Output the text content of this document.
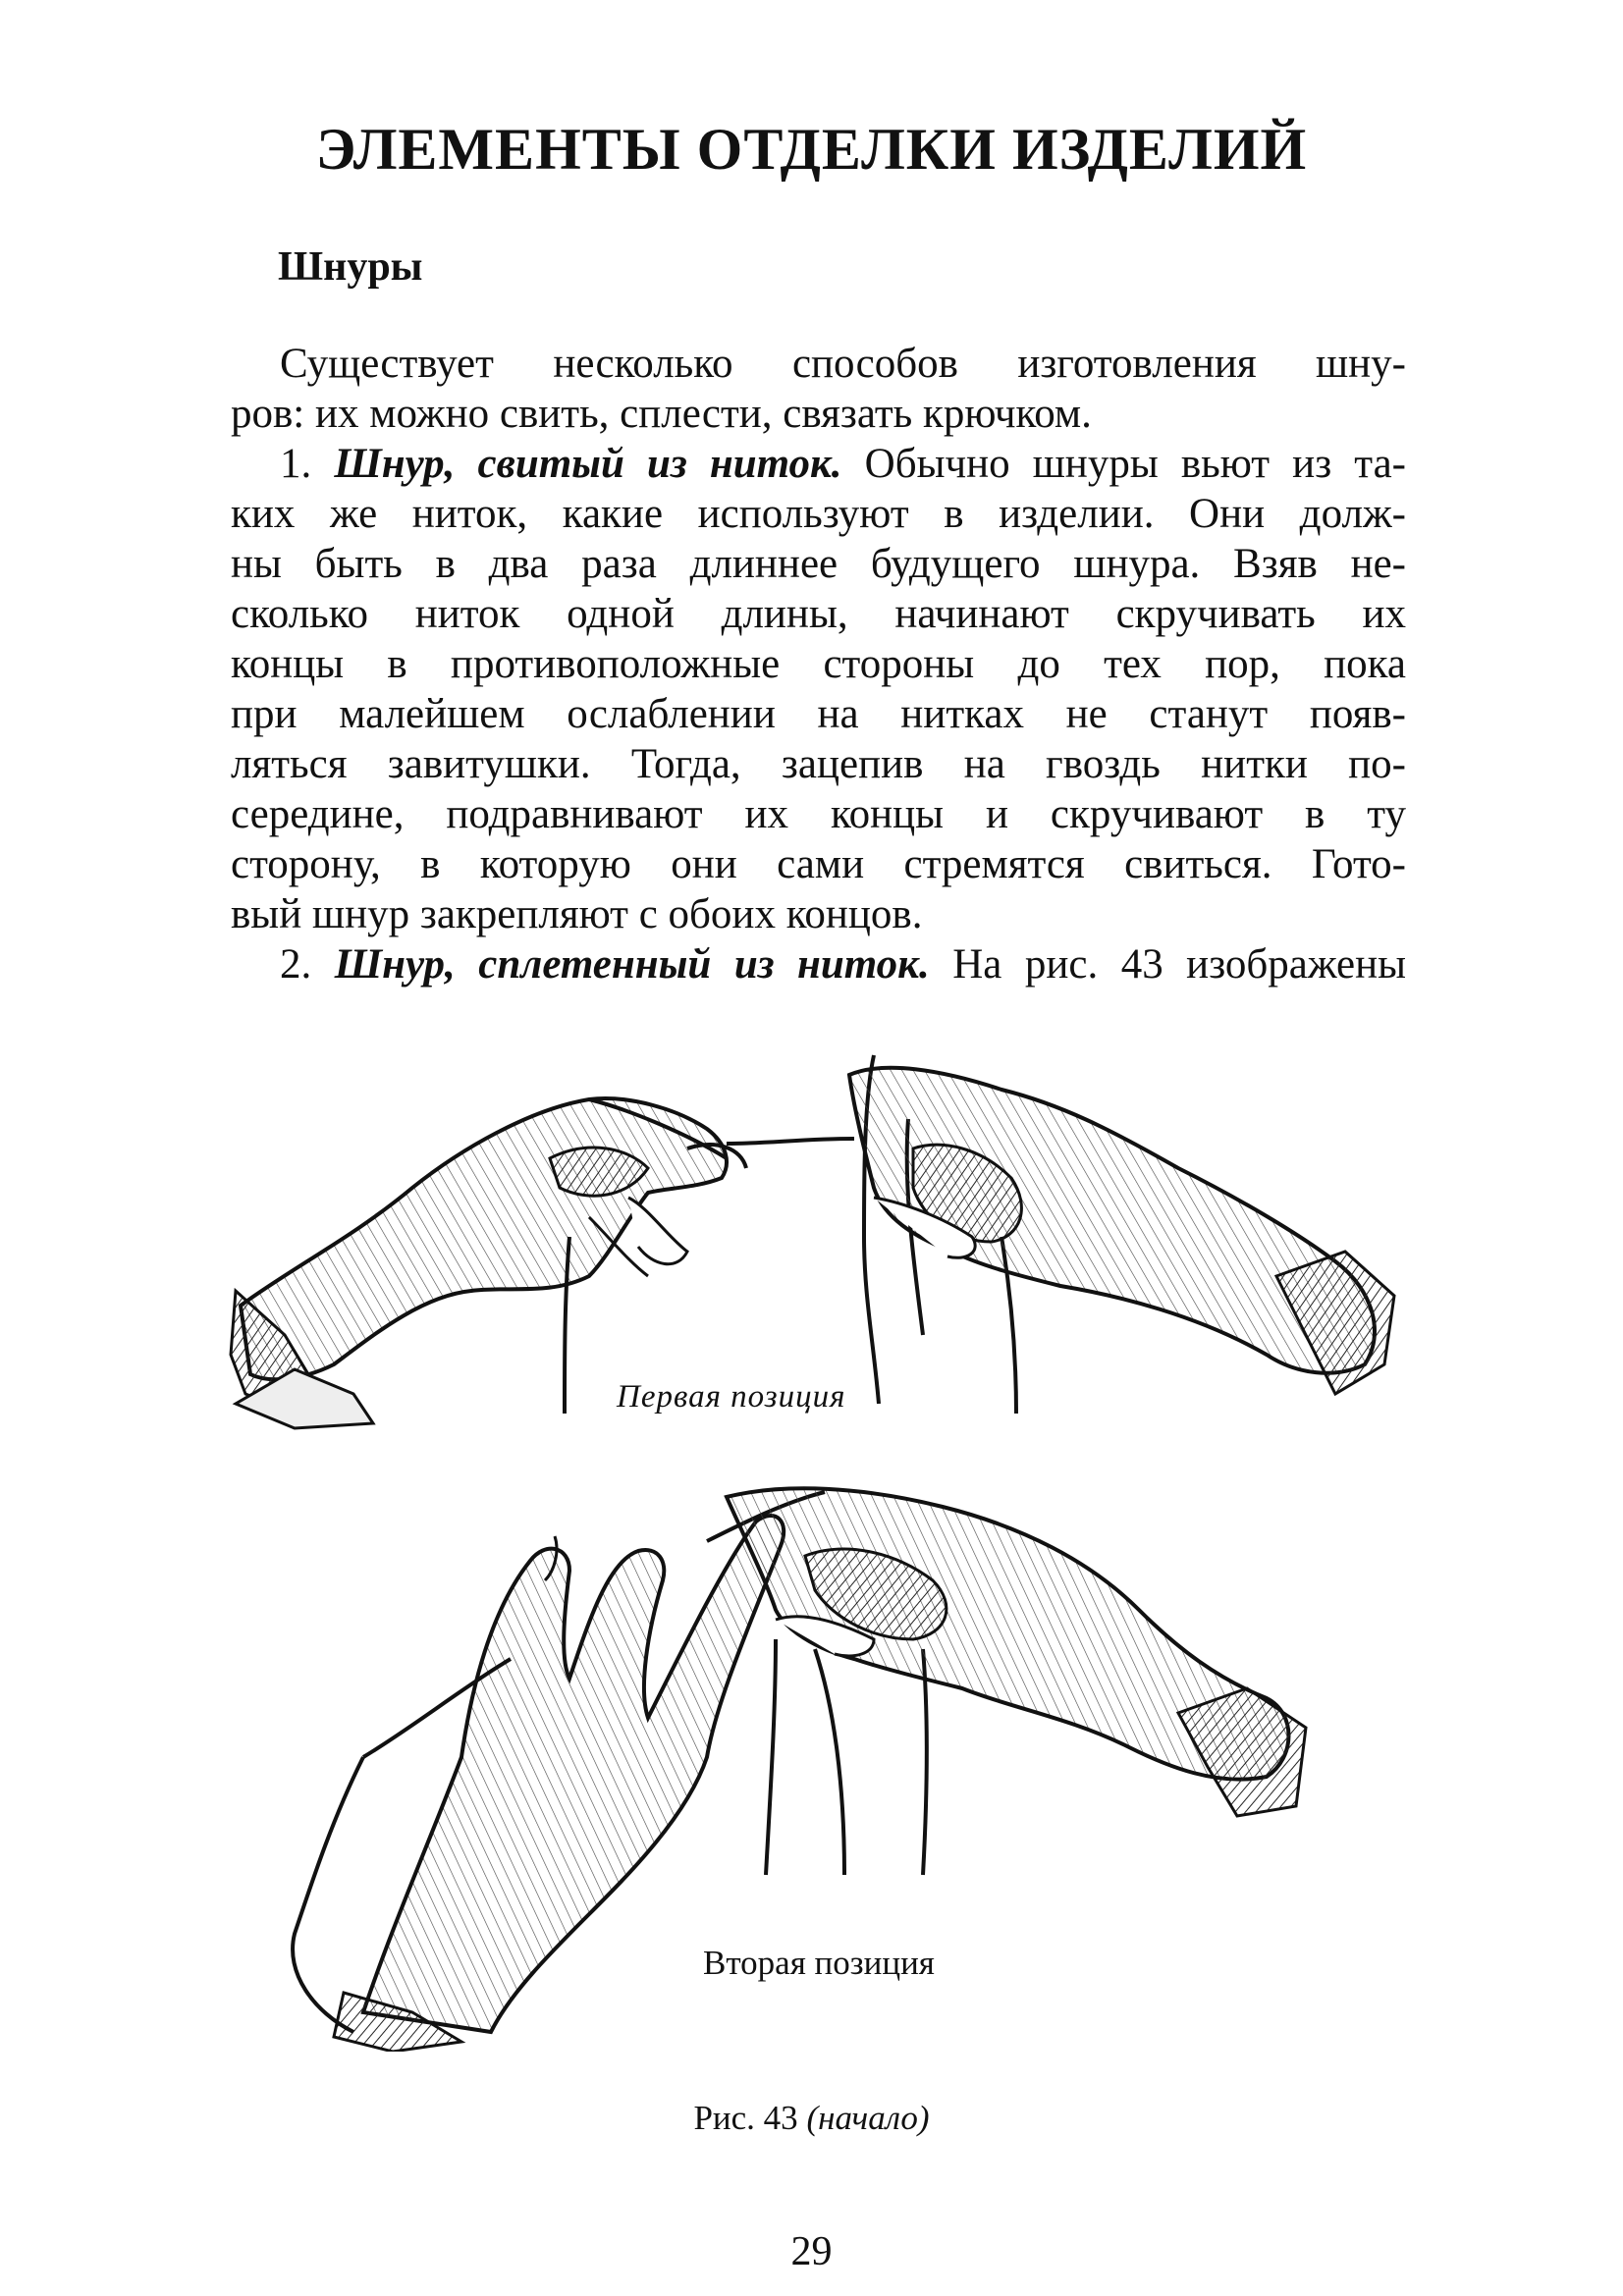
ЭЛЕМЕНТЫ ОТДЕЛКИ ИЗДЕЛИЙ
Шнуры
Существует несколько способов изготовления шну-
ров: их можно свить, сплести, связать крючком.
1. Шнур, свитый из ниток. Обычно шнуры вьют из та-
ких же ниток, какие используют в изделии. Они долж-
ны быть в два раза длиннее будущего шнура. Взяв не-
сколько ниток одной длины, начинают скручивать их
концы в противоположные стороны до тех пор, пока
при малейшем ослаблении на нитках не станут появ-
ляться завитушки. Тогда, зацепив на гвоздь нитки по-
середине, подравнивают их концы и скручивают в ту
сторону, в которую они сами стремятся свиться. Гото-
вый шнур закрепляют с обоих концов.
2. Шнур, сплетенный из ниток. На рис. 43 изображены
Первая позиция
Вторая позиция
Рис. 43 (начало)
29
